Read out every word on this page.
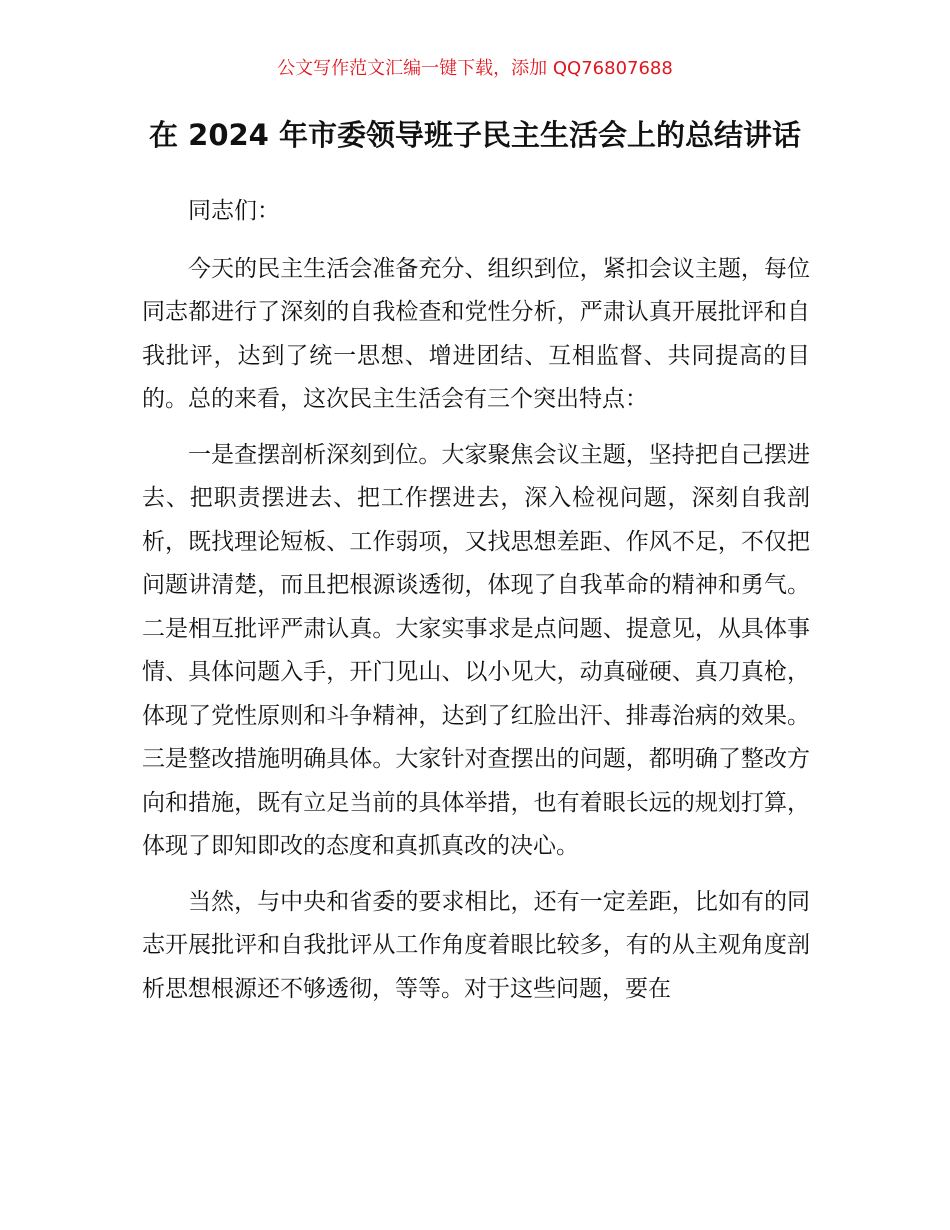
公文写作范文汇编一键下载，添加 QQ76807688
在 2024 年市委领导班子民主生活会上的总结讲话

同志们：

今天的民主生活会准备充分、组织到位，紧扣会议主题，每位同志都进行了深刻的自我检查和党性分析，严肃认真开展批评和自我批评，达到了统一思想、增进团结、互相监督、共同提高的目的。总的来看，这次民主生活会有三个突出特点：

一是查摆剖析深刻到位。大家聚焦会议主题，坚持把自己摆进去、把职责摆进去、把工作摆进去，深入检视问题，深刻自我剖析，既找理论短板、工作弱项，又找思想差距、作风不足，不仅把问题讲清楚，而且把根源谈透彻，体现了自我革命的精神和勇气。二是相互批评严肃认真。大家实事求是点问题、提意见，从具体事情、具体问题入手，开门见山、以小见大，动真碰硬、真刀真枪，体现了党性原则和斗争精神，达到了红脸出汗、排毒治病的效果。三是整改措施明确具体。大家针对查摆出的问题，都明确了整改方向和措施，既有立足当前的具体举措，也有着眼长远的规划打算，体现了即知即改的态度和真抓真改的决心。

当然，与中央和省委的要求相比，还有一定差距，比如有的同志开展批评和自我批评从工作角度着眼比较多，有的从主观角度剖析思想根源还不够透彻，等等。对于这些问题，要在
